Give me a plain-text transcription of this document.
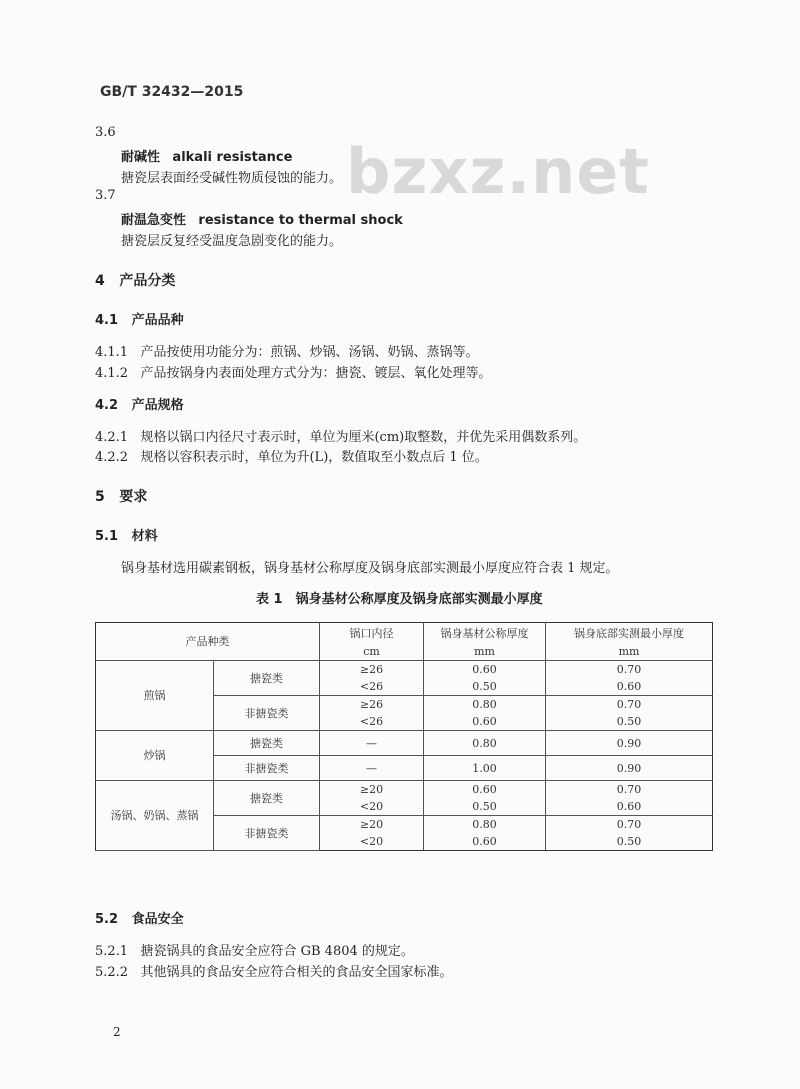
GB/T 32432—2015
bzxz.net
3.6
耐碱性 alkali resistance
搪瓷层表面经受碱性物质侵蚀的能力。
3.7
耐温急变性 resistance to thermal shock
搪瓷层反复经受温度急剧变化的能力。
4 产品分类
4.1 产品品种
4.1.1 产品按使用功能分为：煎锅、炒锅、汤锅、奶锅、蒸锅等。
4.1.2 产品按锅身内表面处理方式分为：搪瓷、镀层、氧化处理等。
4.2 产品规格
4.2.1 规格以锅口内径尺寸表示时，单位为厘米(cm)取整数，并优先采用偶数系列。
4.2.2 规格以容积表示时，单位为升(L)，数值取至小数点后 1 位。
5 要求
5.1 材料
锅身基材选用碳素钢板，锅身基材公称厚度及锅身底部实测最小厚度应符合表 1 规定。
表 1　锅身基材公称厚度及锅身底部实测最小厚度
产品种类		锅口内径	锅身基材公称厚度	锅身底部实测最小厚度
		cm	mm	mm
煎锅	搪瓷类	≥26	0.60	0.70
		<26	0.50	0.60
	非搪瓷类	≥26	0.80	0.70
		<26	0.60	0.50
炒锅	搪瓷类	—	0.80	0.90
	非搪瓷类	—	1.00	0.90
汤锅、奶锅、蒸锅	搪瓷类	≥20	0.60	0.70
		<20	0.50	0.60
	非搪瓷类	≥20	0.80	0.70
		<20	0.60	0.50
5.2 食品安全
5.2.1 搪瓷锅具的食品安全应符合 GB 4804 的规定。
5.2.2 其他锅具的食品安全应符合相关的食品安全国家标准。
2
